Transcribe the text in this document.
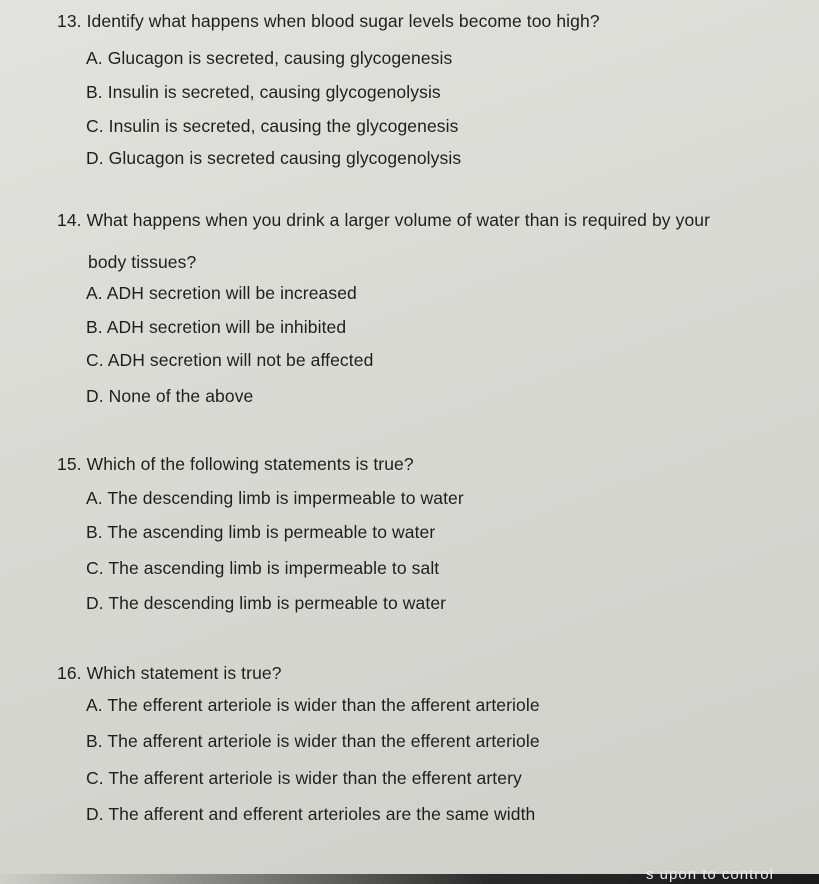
13. Identify what happens when blood sugar levels become too high?
A. Glucagon is secreted, causing glycogenesis
B. Insulin is secreted, causing glycogenolysis
C. Insulin is secreted, causing the glycogenesis
D. Glucagon is secreted causing glycogenolysis
14. What happens when you drink a larger volume of water than is required by your
body tissues?
A. ADH secretion will be increased
B. ADH secretion will be inhibited
C. ADH secretion will not be affected
D. None of the above
15. Which of the following statements is true?
A. The descending limb is impermeable to water
B. The ascending limb is permeable to water
C. The ascending limb is impermeable to salt
D. The descending limb is permeable to water
16. Which statement is true?
A. The efferent arteriole is wider than the afferent arteriole
B. The afferent arteriole is wider than the efferent arteriole
C. The afferent arteriole is wider than the efferent artery
D. The afferent and efferent arterioles are the same width
s upon to control
